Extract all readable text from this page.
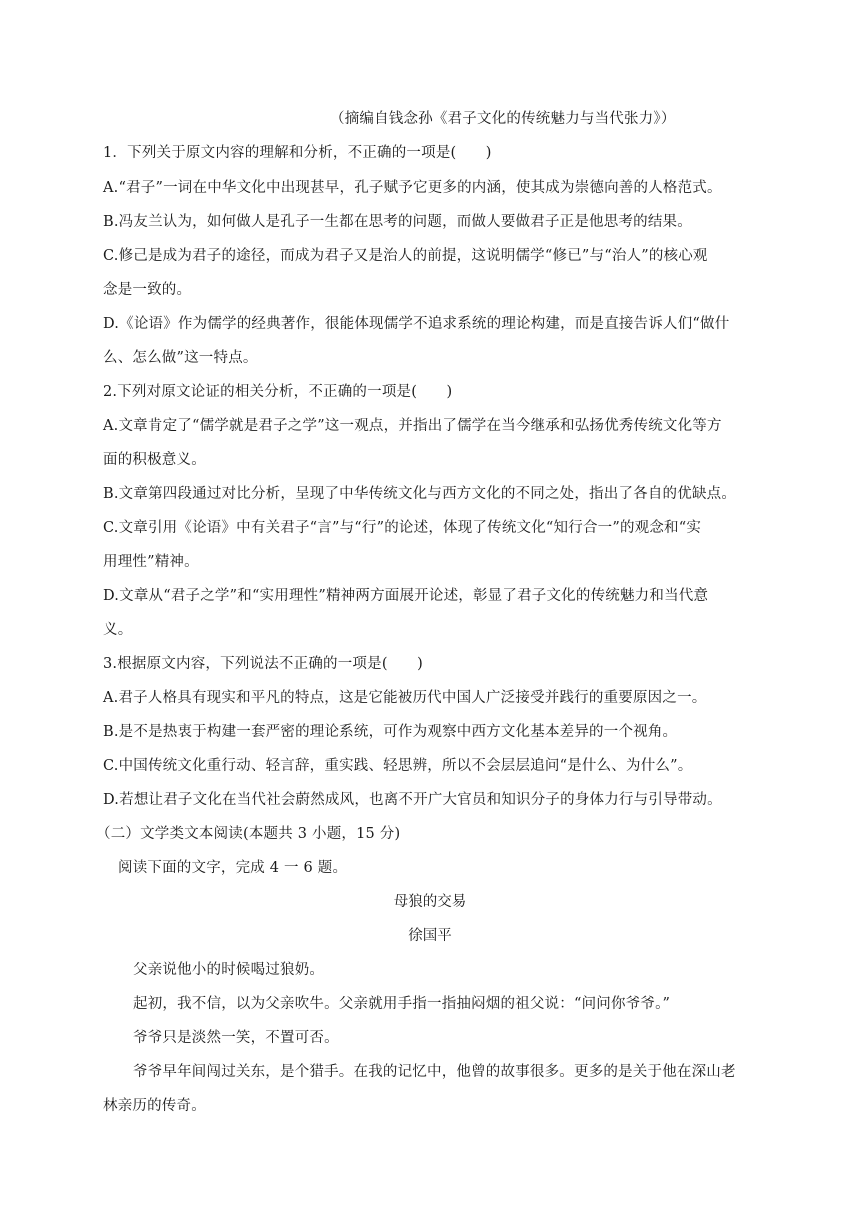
（摘编自钱念孙《君子文化的传统魅力与当代张力》）
1．下列关于原文内容的理解和分析，不正确的一项是(　　)
A.“君子”一词在中华文化中出现甚早，孔子赋予它更多的内涵，使其成为崇德向善的人格范式。
B.冯友兰认为，如何做人是孔子一生都在思考的问题，而做人要做君子正是他思考的结果。
C.修己是成为君子的途径，而成为君子又是治人的前提，这说明儒学“修已”与“治人”的核心观
念是一致的。
D.《论语》作为儒学的经典著作，很能体现儒学不追求系统的理论构建，而是直接告诉人们“做什
么、怎么做”这一特点。
2.下列对原文论证的相关分析，不正确的一项是(　　)
A.文章肯定了“儒学就是君子之学”这一观点，并指出了儒学在当今继承和弘扬优秀传统文化等方
面的积极意义。
B.文章第四段通过对比分析，呈现了中华传统文化与西方文化的不同之处，指出了各自的优缺点。
C.文章引用《论语》中有关君子“言”与“行”的论述，体现了传统文化“知行合一”的观念和“实
用理性”精神。
D.文章从“君子之学”和“实用理性”精神两方面展开论述，彰显了君子文化的传统魅力和当代意
义。
3.根据原文内容，下列说法不正确的一项是(　　)
A.君子人格具有现实和平凡的特点，这是它能被历代中国人广泛接受并践行的重要原因之一。
B.是不是热衷于构建一套严密的理论系统，可作为观察中西方文化基本差异的一个视角。
C.中国传统文化重行动、轻言辞，重实践、轻思辨，所以不会层层追问“是什么、为什么”。
D.若想让君子文化在当代社会蔚然成风，也离不开广大官员和知识分子的身体力行与引导带动。
（二）文学类文本阅读(本题共 3 小题，15 分)
阅读下面的文字，完成 4 一 6 题。
母狼的交易
徐国平
父亲说他小的时候喝过狼奶。
起初，我不信，以为父亲吹牛。父亲就用手指一指抽闷烟的祖父说：“问问你爷爷。”
爷爷只是淡然一笑，不置可否。
爷爷早年间闯过关东，是个猎手。在我的记忆中，他曾的故事很多。更多的是关于他在深山老
林亲历的传奇。
